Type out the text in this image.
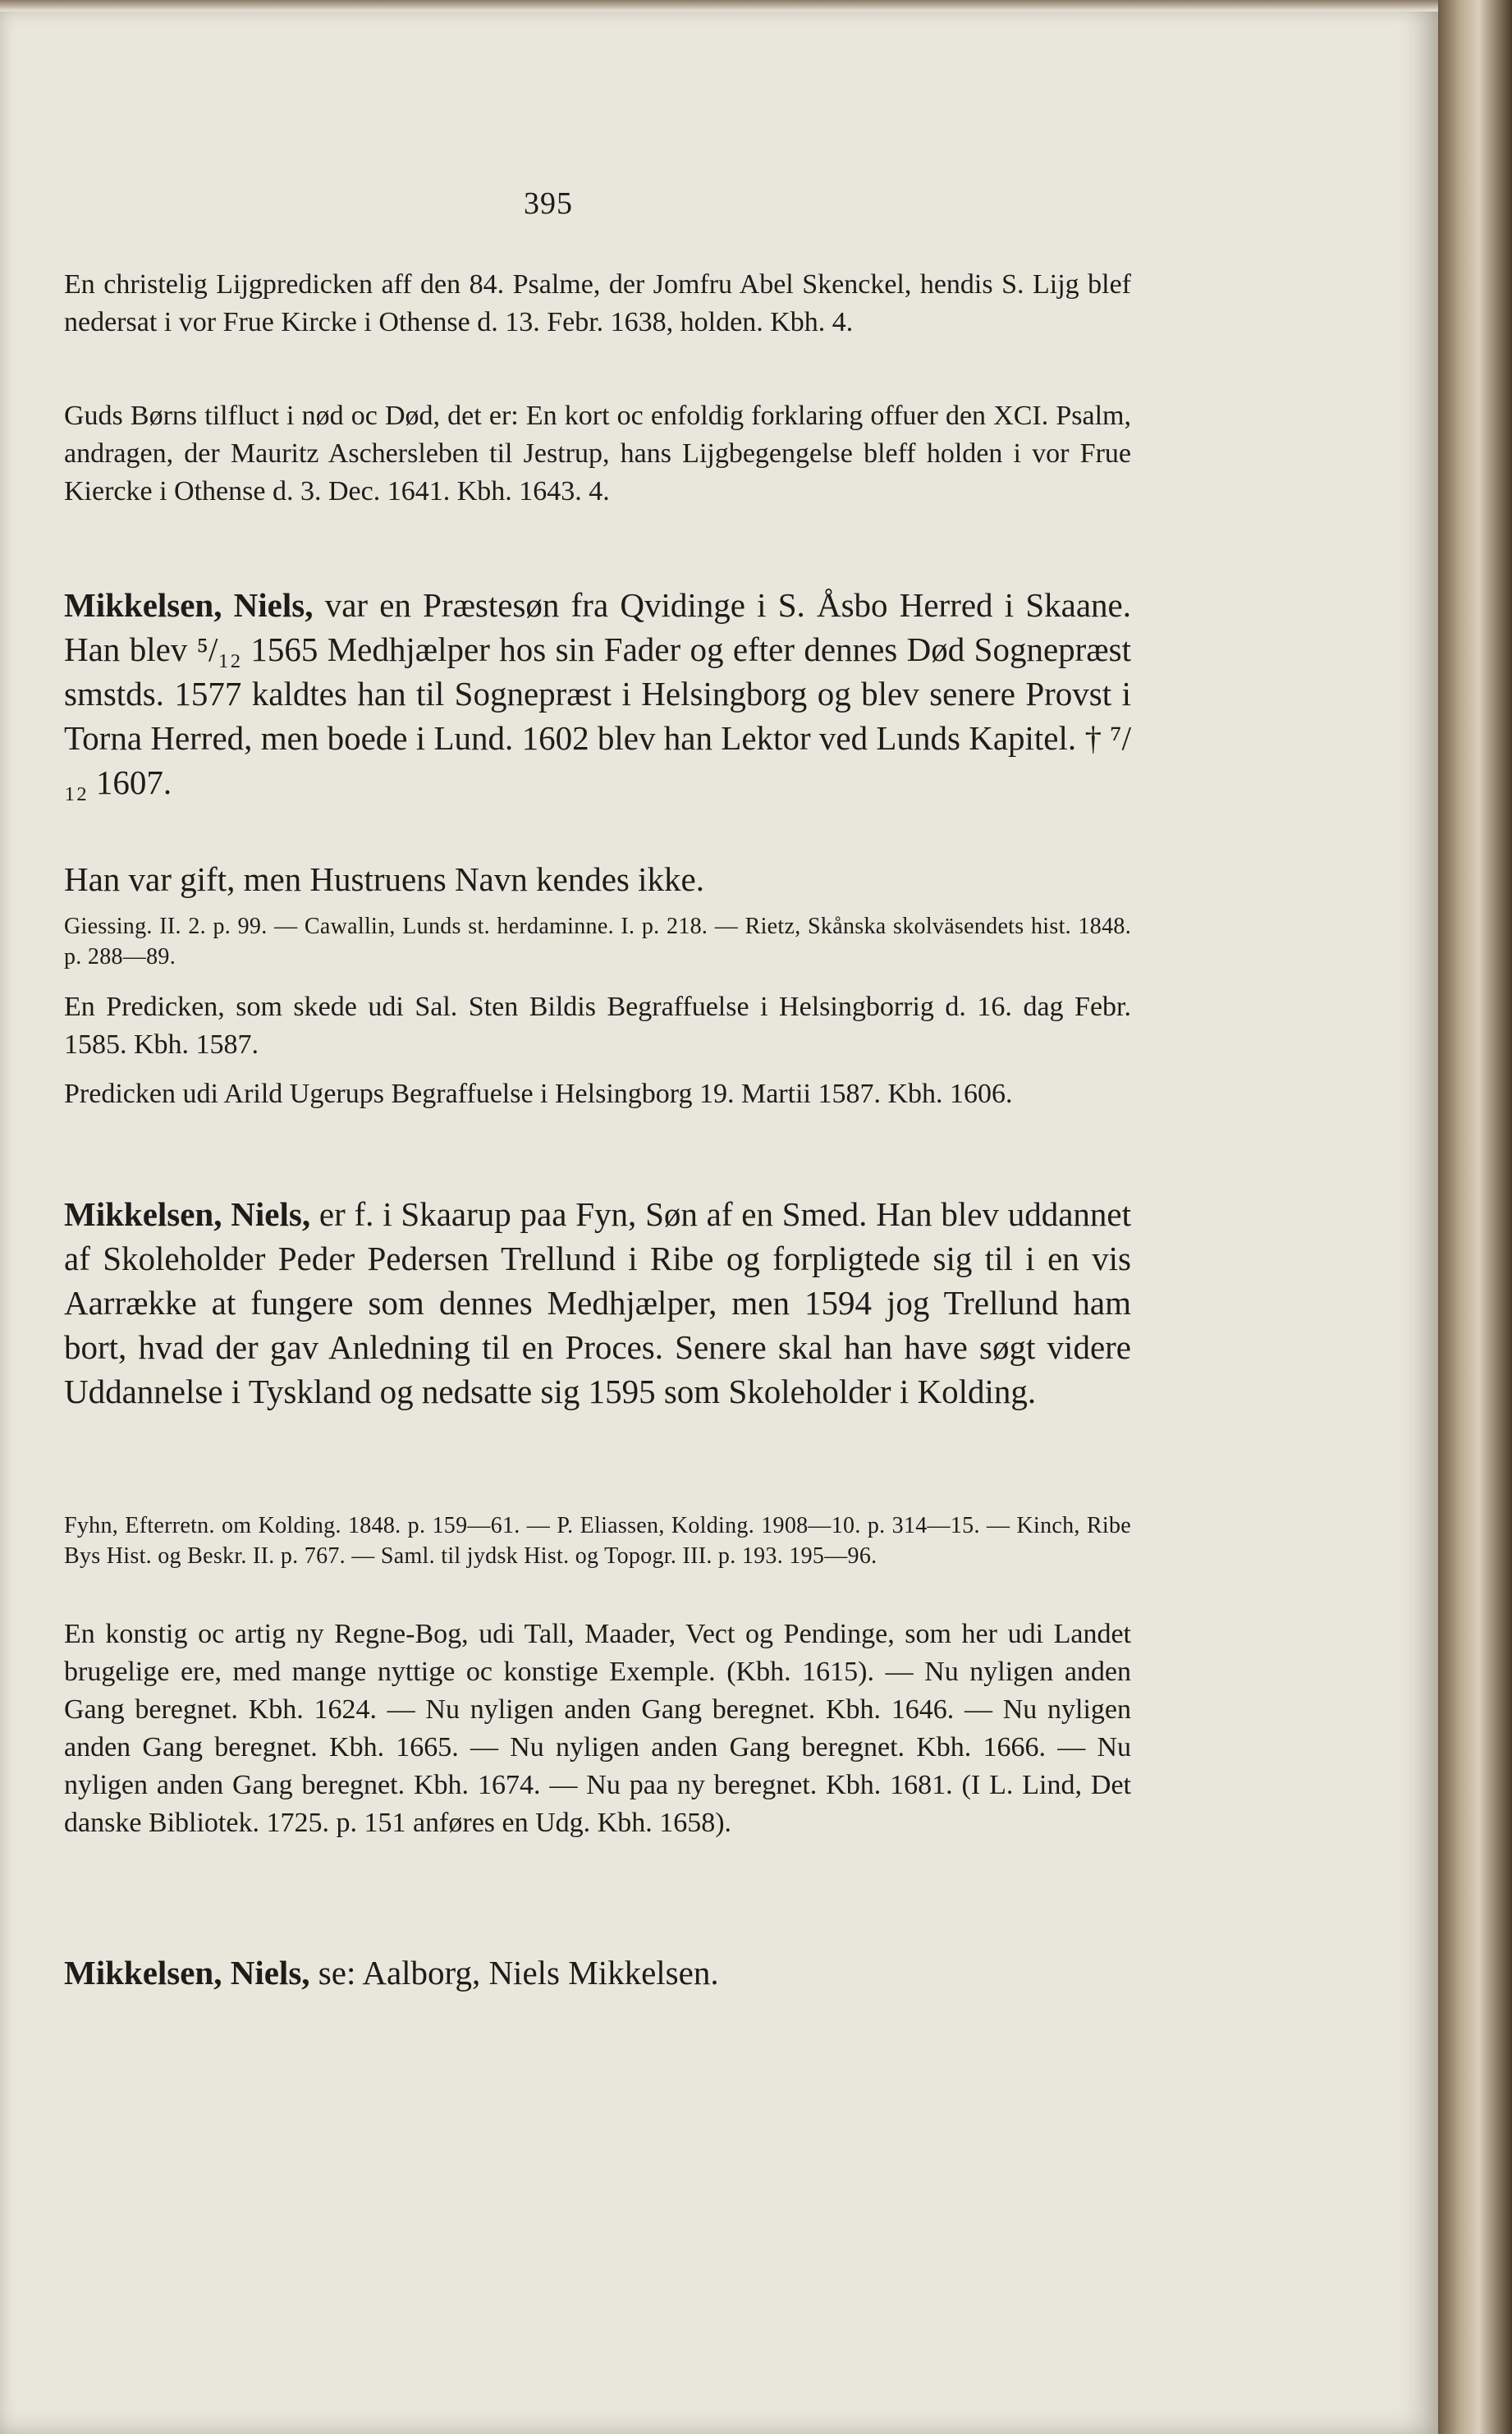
395
En christelig Lijgpredicken aff den 84. Psalme, der Jomfru Abel Skenckel, hendis S. Lijg blef nedersat i vor Frue Kircke i Othense d. 13. Febr. 1638, holden. Kbh. 4.
Guds Børns tilfluct i nød oc Død, det er: En kort oc enfoldig forklaring offuer den XCI. Psalm, andragen, der Mauritz Aschersleben til Jestrup, hans Lijgbegengelse bleff holden i vor Frue Kiercke i Othense d. 3. Dec. 1641. Kbh. 1643. 4.
Mikkelsen, Niels, var en Præstesøn fra Qvidinge i S. Åsbo Herred i Skaane. Han blev ⁵/₁₂ 1565 Medhjælper hos sin Fader og efter dennes Død Sognepræst smstds. 1577 kaldtes han til Sognepræst i Helsingborg og blev senere Provst i Torna Herred, men boede i Lund. 1602 blev han Lektor ved Lunds Kapitel. † ⁷/₁₂ 1607.
Han var gift, men Hustruens Navn kendes ikke.
Giessing. II. 2. p. 99. — Cawallin, Lunds st. herdaminne. I. p. 218. — Rietz, Skånska skolväsendets hist. 1848. p. 288—89.
En Predicken, som skede udi Sal. Sten Bildis Begraffuelse i Helsingborrig d. 16. dag Febr. 1585. Kbh. 1587.
Predicken udi Arild Ugerups Begraffuelse i Helsingborg 19. Martii 1587. Kbh. 1606.
Mikkelsen, Niels, er f. i Skaarup paa Fyn, Søn af en Smed. Han blev uddannet af Skoleholder Peder Pedersen Trellund i Ribe og forpligtede sig til i en vis Aarrække at fungere som dennes Medhjælper, men 1594 jog Trellund ham bort, hvad der gav Anledning til en Proces. Senere skal han have søgt videre Uddannelse i Tyskland og nedsatte sig 1595 som Skoleholder i Kolding.
Fyhn, Efterretn. om Kolding. 1848. p. 159—61. — P. Eliassen, Kolding. 1908—10. p. 314—15. — Kinch, Ribe Bys Hist. og Beskr. II. p. 767. — Saml. til jydsk Hist. og Topogr. III. p. 193. 195—96.
En konstig oc artig ny Regne-Bog, udi Tall, Maader, Vect og Pendinge, som her udi Landet brugelige ere, med mange nyttige oc konstige Exemple. (Kbh. 1615). — Nu nyligen anden Gang beregnet. Kbh. 1624. — Nu nyligen anden Gang beregnet. Kbh. 1646. — Nu nyligen anden Gang beregnet. Kbh. 1665. — Nu nyligen anden Gang beregnet. Kbh. 1666. — Nu nyligen anden Gang beregnet. Kbh. 1674. — Nu paa ny beregnet. Kbh. 1681. (I L. Lind, Det danske Bibliotek. 1725. p. 151 anføres en Udg. Kbh. 1658).
Mikkelsen, Niels, se: Aalborg, Niels Mikkelsen.
